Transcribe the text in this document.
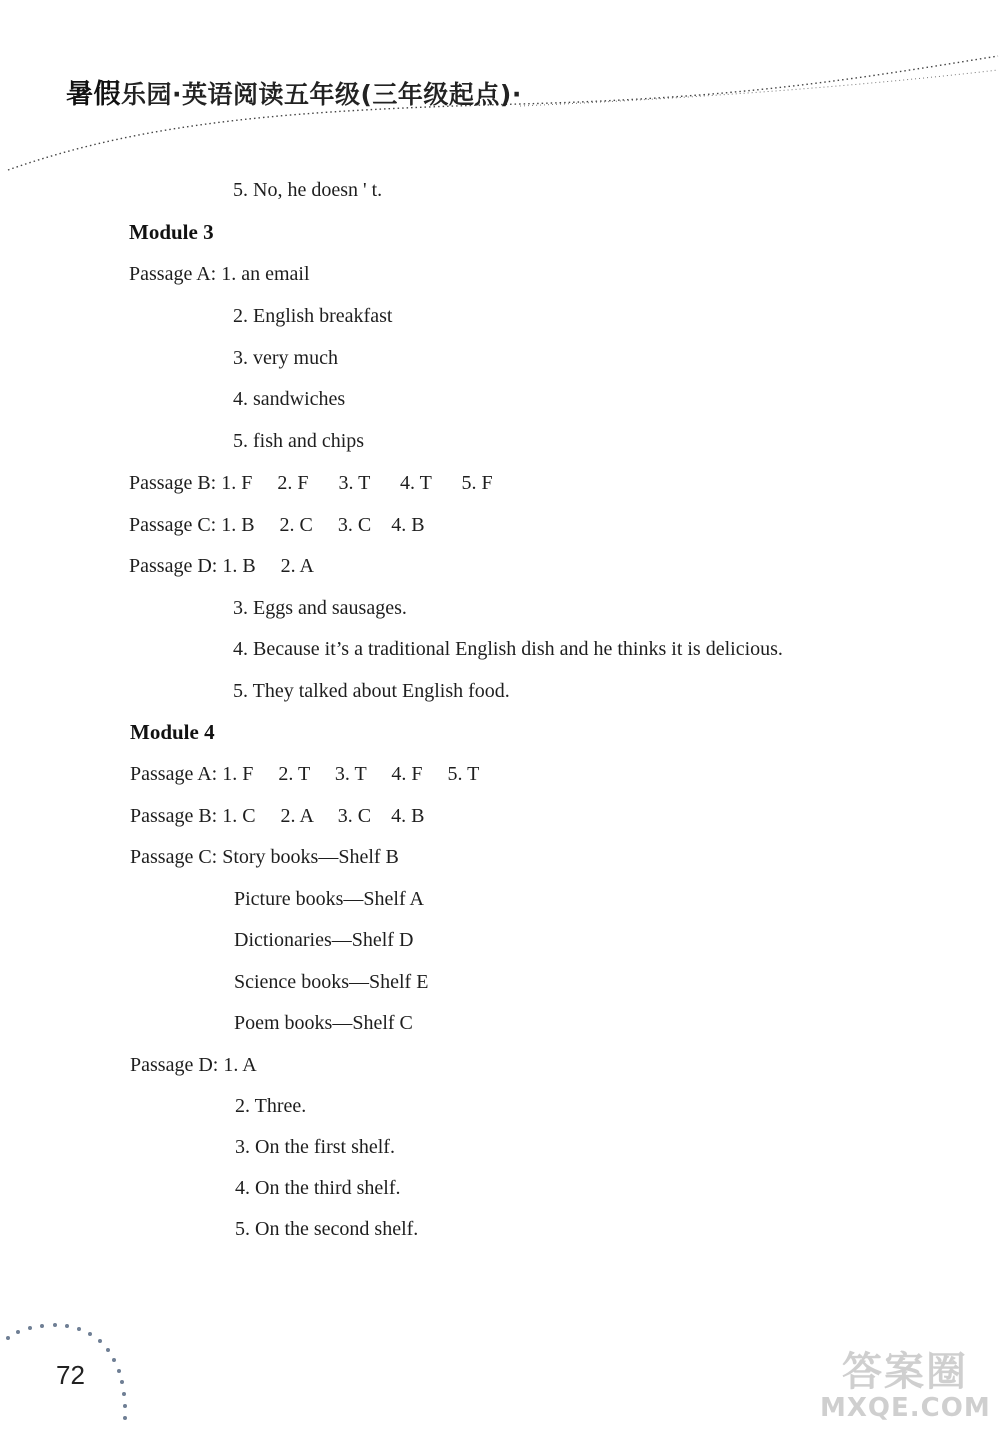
暑假乐园·英语阅读五年级(三年级起点)·
5. No, he doesn ' t.
Module 3
Passage A: 1. an email
2. English breakfast
3. very much
4. sandwiches
5. fish and chips
Passage B: 1. F     2. F      3. T      4. T      5. F
Passage C: 1. B     2. C     3. C    4. B
Passage D: 1. B     2. A
3. Eggs and sausages.
4. Because it’s a traditional English dish and he thinks it is delicious.
5. They talked about English food.
Module 4
Passage A: 1. F     2. T     3. T     4. F     5. T
Passage B: 1. C     2. A     3. C    4. B
Passage C: Story books—Shelf B
Picture books—Shelf A
Dictionaries—Shelf D
Science books—Shelf E
Poem books—Shelf C
Passage D: 1. A
2. Three.
3. On the first shelf.
4. On the third shelf.
5. On the second shelf.
72	答案圈
MXQE.COM
